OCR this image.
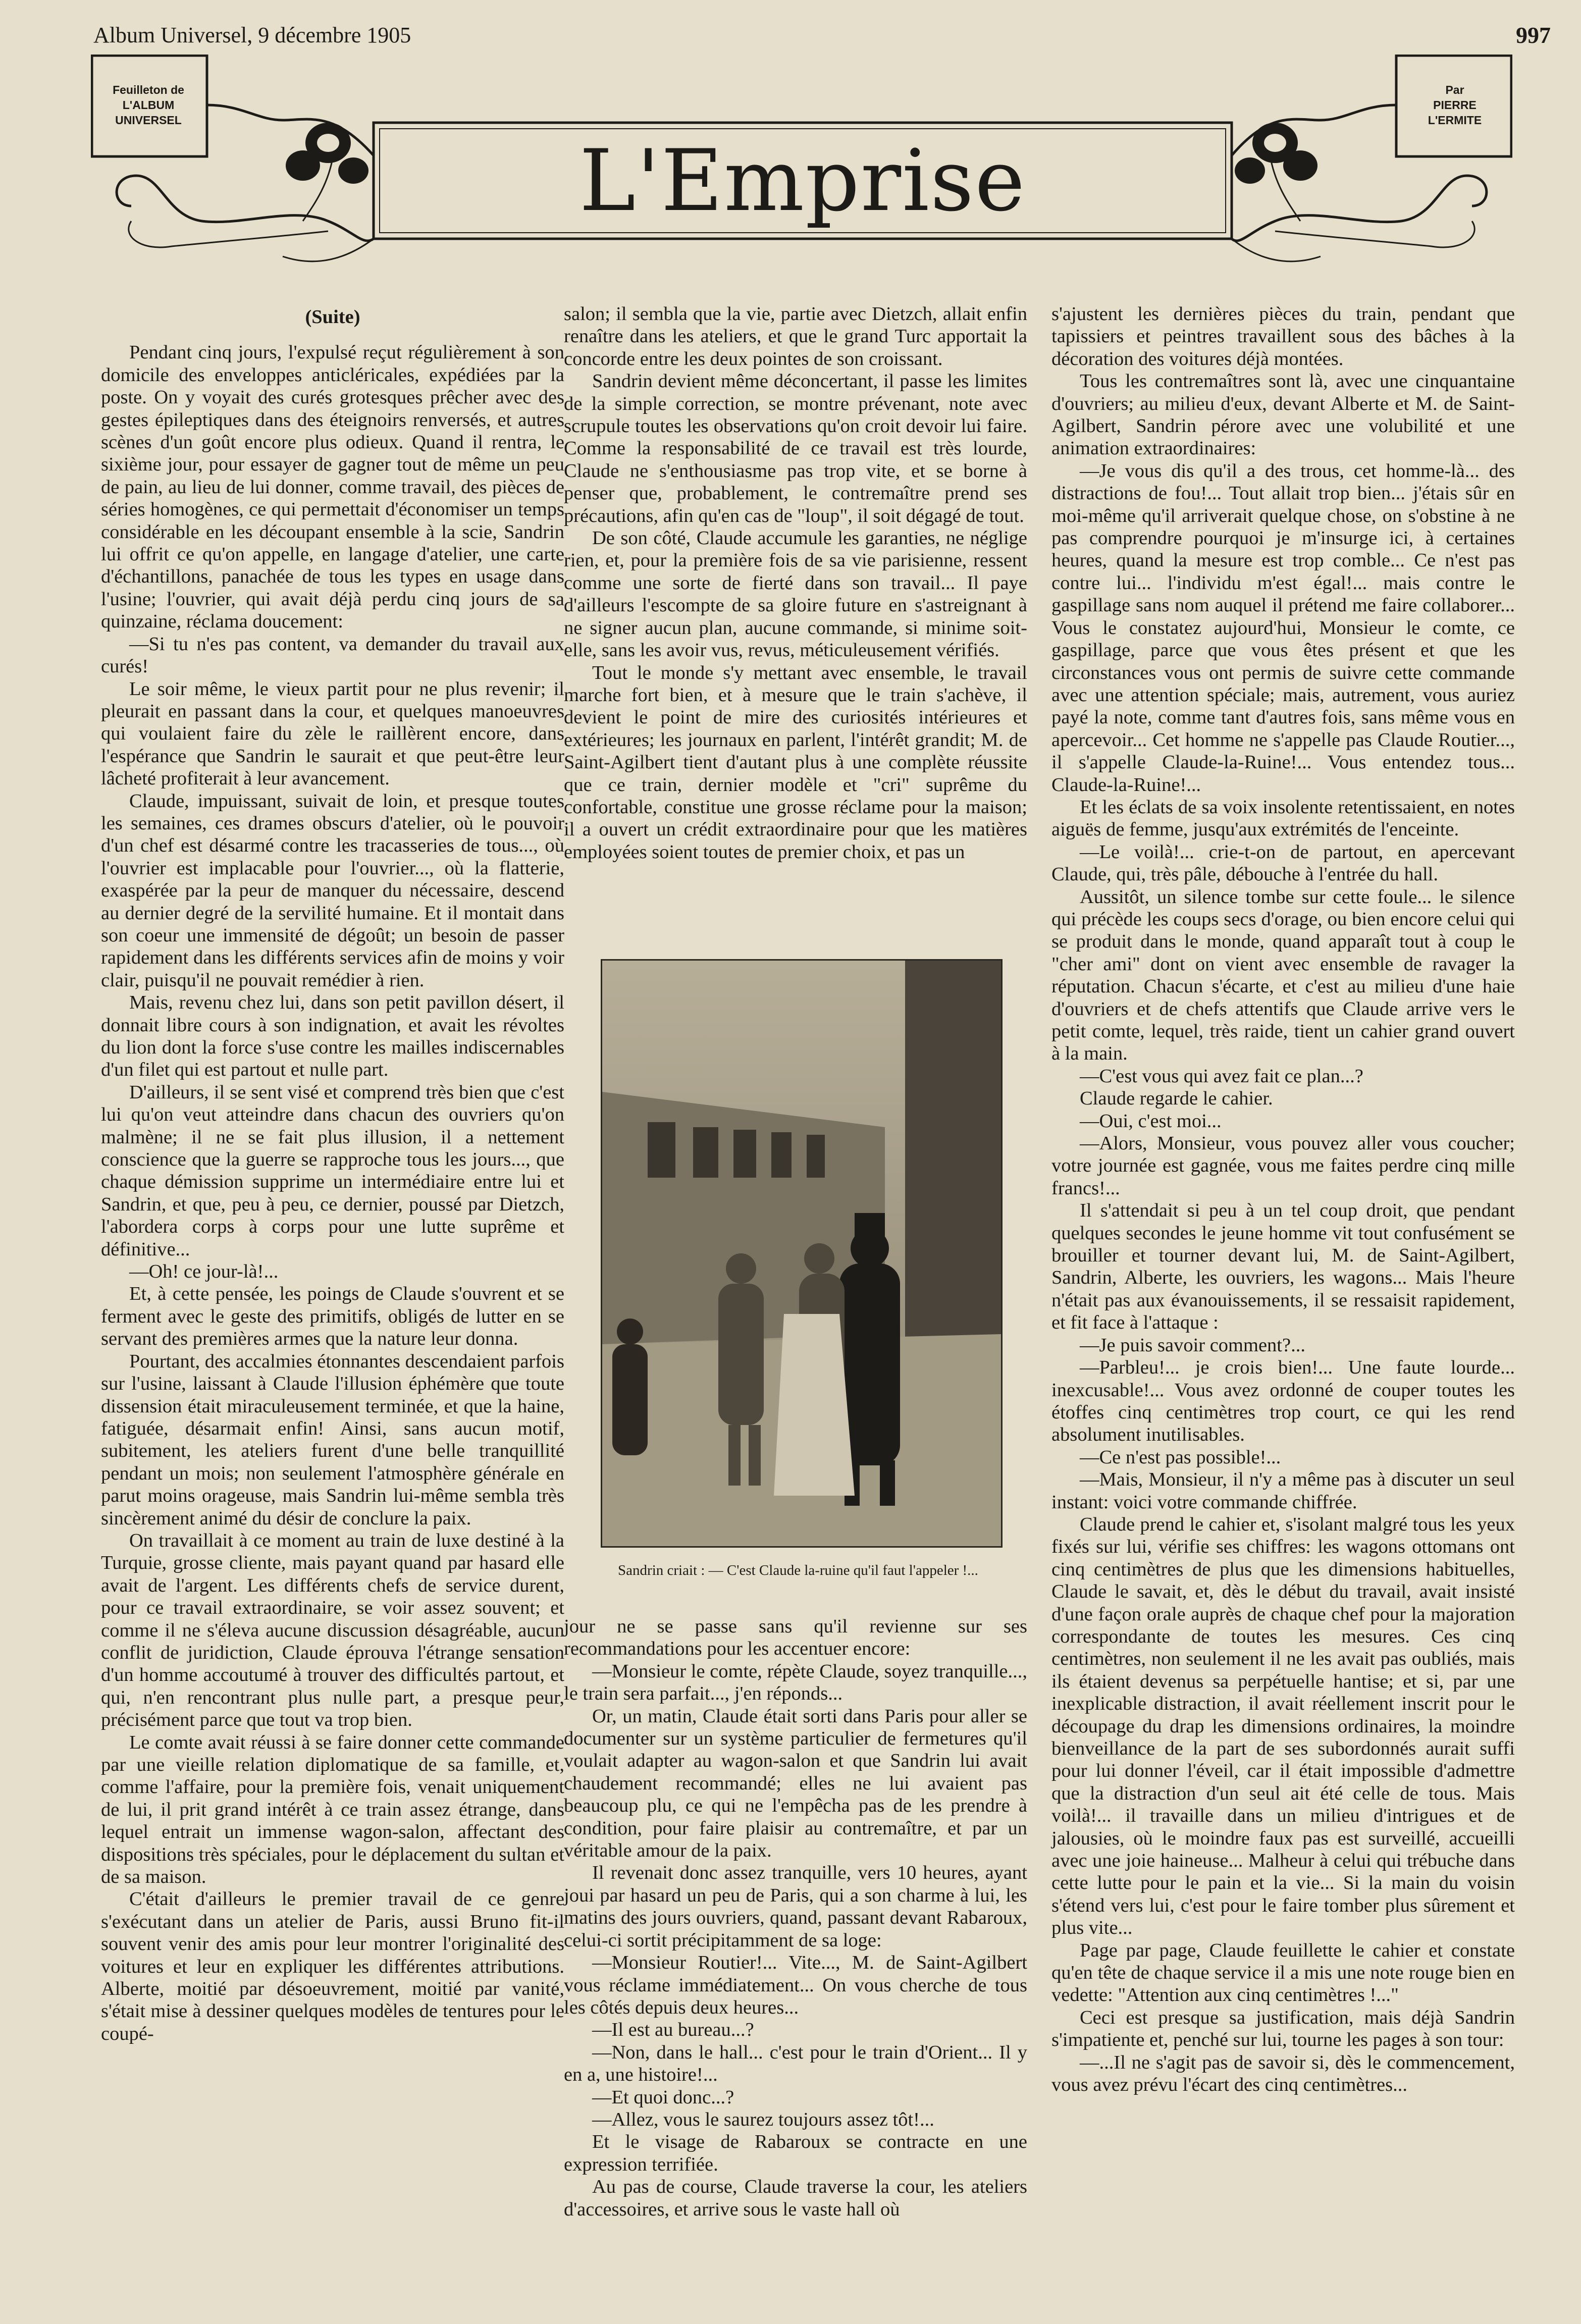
Album Universel, 9 décembre 1905	997
Feuilleton de
L'ALBUM
UNIVERSEL
L'Emprise
Par
PIERRE
L'ERMITE

(Suite)

Pendant cinq jours, l'expulsé reçut régulièrement à son domicile des enveloppes anticléricales, expédiées par la poste. On y voyait des curés grotesques prêcher avec des gestes épileptiques dans des éteignoirs renversés, et autres scènes d'un goût encore plus odieux. Quand il rentra, le sixième jour, pour essayer de gagner tout de même un peu de pain, au lieu de lui donner, comme travail, des pièces de séries homogènes, ce qui permettait d'économiser un temps considérable en les découpant ensemble à la scie, Sandrin lui offrit ce qu'on appelle, en langage d'atelier, une carte d'échantillons, panachée de tous les types en usage dans l'usine; l'ouvrier, qui avait déjà perdu cinq jours de sa quinzaine, réclama doucement:

—Si tu n'es pas content, va demander du travail aux curés!

Le soir même, le vieux partit pour ne plus revenir; il pleurait en passant dans la cour, et quelques manoeuvres qui voulaient faire du zèle le raillèrent encore, dans l'espérance que Sandrin le saurait et que peut-être leur lâcheté profiterait à leur avancement.

Claude, impuissant, suivait de loin, et presque toutes les semaines, ces drames obscurs d'atelier, où le pouvoir d'un chef est désarmé contre les tracasseries de tous..., où l'ouvrier est implacable pour l'ouvrier..., où la flatterie, exaspérée par la peur de manquer du nécessaire, descend au dernier degré de la servilité humaine. Et il montait dans son coeur une immensité de dégoût; un besoin de passer rapidement dans les différents services afin de moins y voir clair, puisqu'il ne pouvait remédier à rien.

Mais, revenu chez lui, dans son petit pavillon désert, il donnait libre cours à son indignation, et avait les révoltes du lion dont la force s'use contre les mailles indiscernables d'un filet qui est partout et nulle part.

D'ailleurs, il se sent visé et comprend très bien que c'est lui qu'on veut atteindre dans chacun des ouvriers qu'on malmène; il ne se fait plus illusion, il a nettement conscience que la guerre se rapproche tous les jours..., que chaque démission supprime un intermédiaire entre lui et Sandrin, et que, peu à peu, ce dernier, poussé par Dietzch, l'abordera corps à corps pour une lutte suprême et définitive...

—Oh! ce jour-là!...

Et, à cette pensée, les poings de Claude s'ouvrent et se ferment avec le geste des primitifs, obligés de lutter en se servant des premières armes que la nature leur donna.

Pourtant, des accalmies étonnantes descendaient parfois sur l'usine, laissant à Claude l'illusion éphémère que toute dissension était miraculeusement terminée, et que la haine, fatiguée, désarmait enfin! Ainsi, sans aucun motif, subitement, les ateliers furent d'une belle tranquillité pendant un mois; non seulement l'atmosphère générale en parut moins orageuse, mais Sandrin lui-même sembla très sincèrement animé du désir de conclure la paix.

On travaillait à ce moment au train de luxe destiné à la Turquie, grosse cliente, mais payant quand par hasard elle avait de l'argent. Les différents chefs de service durent, pour ce travail extraordinaire, se voir assez souvent; et comme il ne s'éleva aucune discussion désagréable, aucun conflit de juridiction, Claude éprouva l'étrange sensation d'un homme accoutumé à trouver des difficultés partout, et qui, n'en rencontrant plus nulle part, a presque peur, précisément parce que tout va trop bien.

Le comte avait réussi à se faire donner cette commande par une vieille relation diplomatique de sa famille, et, comme l'affaire, pour la première fois, venait uniquement de lui, il prit grand intérêt à ce train assez étrange, dans lequel entrait un immense wagon-salon, affectant des dispositions très spéciales, pour le déplacement du sultan et de sa maison.

C'était d'ailleurs le premier travail de ce genre s'exécutant dans un atelier de Paris, aussi Bruno fit-il souvent venir des amis pour leur montrer l'originalité des voitures et leur en expliquer les différentes attributions. Alberte, moitié par désoeuvrement, moitié par vanité, s'était mise à dessiner quelques modèles de tentures pour le coupé-

salon; il sembla que la vie, partie avec Dietzch, allait enfin renaître dans les ateliers, et que le grand Turc apportait la concorde entre les deux pointes de son croissant.

Sandrin devient même déconcertant, il passe les limites de la simple correction, se montre prévenant, note avec scrupule toutes les observations qu'on croit devoir lui faire. Comme la responsabilité de ce travail est très lourde, Claude ne s'enthousiasme pas trop vite, et se borne à penser que, probablement, le contremaître prend ses précautions, afin qu'en cas de "loup", il soit dégagé de tout.

De son côté, Claude accumule les garanties, ne néglige rien, et, pour la première fois de sa vie parisienne, ressent comme une sorte de fierté dans son travail... Il paye d'ailleurs l'escompte de sa gloire future en s'astreignant à ne signer aucun plan, aucune commande, si minime soit-elle, sans les avoir vus, revus, méticuleusement vérifiés.

Tout le monde s'y mettant avec ensemble, le travail marche fort bien, et à mesure que le train s'achève, il devient le point de mire des curiosités intérieures et extérieures; les journaux en parlent, l'intérêt grandit; M. de Saint-Agilbert tient d'autant plus à une complète réussite que ce train, dernier modèle et "cri" suprême du confortable, constitue une grosse réclame pour la maison; il a ouvert un crédit extraordinaire pour que les matières employées soient toutes de premier choix, et pas un

Sandrin criait : — C'est Claude la-ruine qu'il faut l'appeler !...

jour ne se passe sans qu'il revienne sur ses recommandations pour les accentuer encore:

—Monsieur le comte, répète Claude, soyez tranquille..., le train sera parfait..., j'en réponds...

Or, un matin, Claude était sorti dans Paris pour aller se documenter sur un système particulier de fermetures qu'il voulait adapter au wagon-salon et que Sandrin lui avait chaudement recommandé; elles ne lui avaient pas beaucoup plu, ce qui ne l'empêcha pas de les prendre à condition, pour faire plaisir au contremaître, et par un véritable amour de la paix.

Il revenait donc assez tranquille, vers 10 heures, ayant joui par hasard un peu de Paris, qui a son charme à lui, les matins des jours ouvriers, quand, passant devant Rabaroux, celui-ci sortit précipitamment de sa loge:

—Monsieur Routier!... Vite..., M. de Saint-Agilbert vous réclame immédiatement... On vous cherche de tous les côtés depuis deux heures...

—Il est au bureau...?

—Non, dans le hall... c'est pour le train d'Orient... Il y en a, une histoire!...

—Et quoi donc...?

—Allez, vous le saurez toujours assez tôt!...

Et le visage de Rabaroux se contracte en une expression terrifiée.

Au pas de course, Claude traverse la cour, les ateliers d'accessoires, et arrive sous le vaste hall où

s'ajustent les dernières pièces du train, pendant que tapissiers et peintres travaillent sous des bâches à la décoration des voitures déjà montées.

Tous les contremaîtres sont là, avec une cinquantaine d'ouvriers; au milieu d'eux, devant Alberte et M. de Saint-Agilbert, Sandrin pérore avec une volubilité et une animation extraordinaires:

—Je vous dis qu'il a des trous, cet homme-là... des distractions de fou!... Tout allait trop bien... j'étais sûr en moi-même qu'il arriverait quelque chose, on s'obstine à ne pas comprendre pourquoi je m'insurge ici, à certaines heures, quand la mesure est trop comble... Ce n'est pas contre lui... l'individu m'est égal!... mais contre le gaspillage sans nom auquel il prétend me faire collaborer... Vous le constatez aujourd'hui, Monsieur le comte, ce gaspillage, parce que vous êtes présent et que les circonstances vous ont permis de suivre cette commande avec une attention spéciale; mais, autrement, vous auriez payé la note, comme tant d'autres fois, sans même vous en apercevoir... Cet homme ne s'appelle pas Claude Routier..., il s'appelle Claude-la-Ruine!... Vous entendez tous... Claude-la-Ruine!...

Et les éclats de sa voix insolente retentissaient, en notes aiguës de femme, jusqu'aux extrémités de l'enceinte.

—Le voilà!... crie-t-on de partout, en apercevant Claude, qui, très pâle, débouche à l'entrée du hall.

Aussitôt, un silence tombe sur cette foule... le silence qui précède les coups secs d'orage, ou bien encore celui qui se produit dans le monde, quand apparaît tout à coup le "cher ami" dont on vient avec ensemble de ravager la réputation. Chacun s'écarte, et c'est au milieu d'une haie d'ouvriers et de chefs attentifs que Claude arrive vers le petit comte, lequel, très raide, tient un cahier grand ouvert à la main.

—C'est vous qui avez fait ce plan...?

Claude regarde le cahier.

—Oui, c'est moi...

—Alors, Monsieur, vous pouvez aller vous coucher; votre journée est gagnée, vous me faites perdre cinq mille francs!...

Il s'attendait si peu à un tel coup droit, que pendant quelques secondes le jeune homme vit tout confusément se brouiller et tourner devant lui, M. de Saint-Agilbert, Sandrin, Alberte, les ouvriers, les wagons... Mais l'heure n'était pas aux évanouissements, il se ressaisit rapidement, et fit face à l'attaque :

—Je puis savoir comment?...

—Parbleu!... je crois bien!... Une faute lourde... inexcusable!... Vous avez ordonné de couper toutes les étoffes cinq centimètres trop court, ce qui les rend absolument inutilisables.

—Ce n'est pas possible!...

—Mais, Monsieur, il n'y a même pas à discuter un seul instant: voici votre commande chiffrée.

Claude prend le cahier et, s'isolant malgré tous les yeux fixés sur lui, vérifie ses chiffres: les wagons ottomans ont cinq centimètres de plus que les dimensions habituelles, Claude le savait, et, dès le début du travail, avait insisté d'une façon orale auprès de chaque chef pour la majoration correspondante de toutes les mesures. Ces cinq centimètres, non seulement il ne les avait pas oubliés, mais ils étaient devenus sa perpétuelle hantise; et si, par une inexplicable distraction, il avait réellement inscrit pour le découpage du drap les dimensions ordinaires, la moindre bienveillance de la part de ses subordonnés aurait suffi pour lui donner l'éveil, car il était impossible d'admettre que la distraction d'un seul ait été celle de tous. Mais voilà!... il travaille dans un milieu d'intrigues et de jalousies, où le moindre faux pas est surveillé, accueilli avec une joie haineuse... Malheur à celui qui trébuche dans cette lutte pour le pain et la vie... Si la main du voisin s'étend vers lui, c'est pour le faire tomber plus sûrement et plus vite...

Page par page, Claude feuillette le cahier et constate qu'en tête de chaque service il a mis une note rouge bien en vedette: "Attention aux cinq centimètres !..."

Ceci est presque sa justification, mais déjà Sandrin s'impatiente et, penché sur lui, tourne les pages à son tour:

—...Il ne s'agit pas de savoir si, dès le commencement, vous avez prévu l'écart des cinq centimètres...
